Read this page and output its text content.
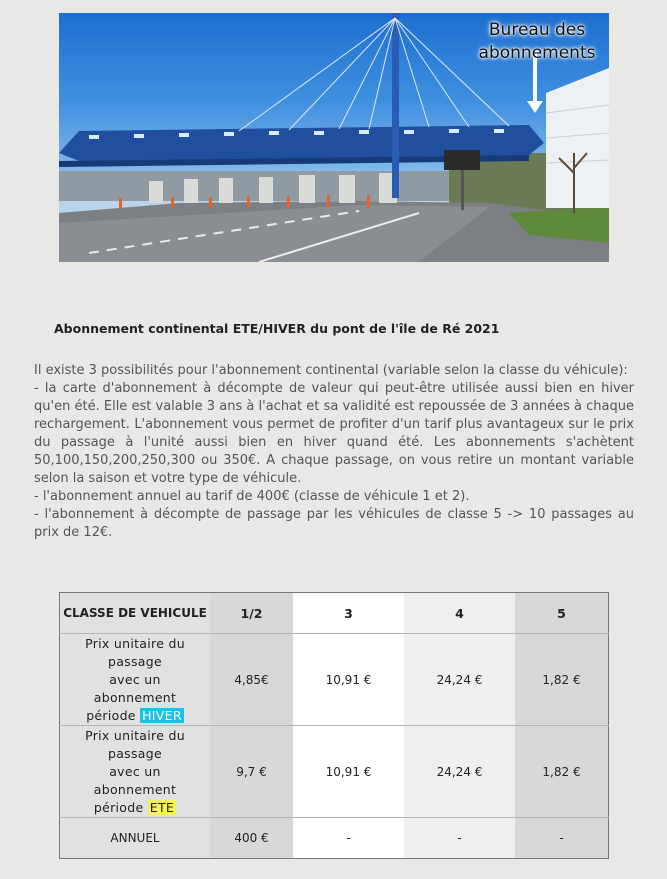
Bureau des
abonnements
Abonnement continental ETE/HIVER du pont de l'île de Ré 2021

Il existe 3 possibilités pour l'abonnement continental (variable selon la classe du véhicule):

- la carte d'abonnement à décompte de valeur qui peut-être utilisée aussi bien en hiver qu'en été. Elle est valable 3 ans à l'achat et sa validité est repoussée de 3 années à chaque rechargement. L'abonnement vous permet de profiter d'un tarif plus avantageux sur le prix du passage à l'unité aussi bien en hiver quand été. Les abonnements s'achètent 50,100,150,200,250,300 ou 350€. A chaque passage, on vous retire un montant variable selon la saison et votre type de véhicule.

- l'abonnement annuel au tarif de 400€ (classe de véhicule 1 et 2).

- l'abonnement à décompte de passage par les véhicules de classe 5 -> 10 passages au prix de 12€.

CLASSE DE VEHICULE	1/2	3	4	5

Prix unitaire du
passage
avec un
abonnement
période HIVER	4,85€	10,91 €	24,24 €	1,82 €

Prix unitaire du
passage
avec un
abonnement
période ETE	9,7 €	10,91 €	24,24 €	1,82 €
ANNUEL	400 €	-	-	-
